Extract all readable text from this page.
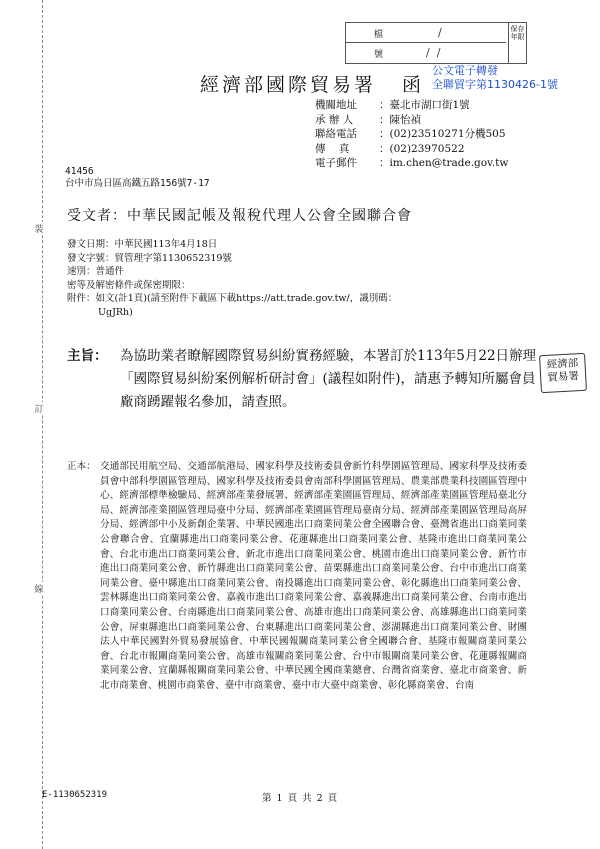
裝
訂
線
檔	/
號	/  /
保存年限
經濟部國際貿易署 函
公文電子轉發
全聯貿字第1130426-1號
機關地址 ：臺北市湖口街1號
承 辦 人 ：陳怡禎
聯絡電話 ：(02)23510271分機505
傳    真	：(02)23970522
電子郵件 ：im.chen@trade.gov.tw
41456
台中市烏日區高鐵五路156號7-17
受文者：中華民國記帳及報稅代理人公會全國聯合會
發文日期：中華民國113年4月18日
發文字號：貿管理字第1130652319號
速別：普通件
密等及解密條件或保密期限：
附件：如文(計1頁)(請至附件下載區下載https://att.trade.gov.tw/，識別碼：
UgJRh)
主旨： 為協助業者瞭解國際貿易糾紛實務經驗，本署訂於113年5月22日辦理「國際貿易糾紛案例解析研討會」(議程如附件)，請惠予轉知所屬會員廠商踴躍報名參加，請查照。
經濟部
貿易署
正本： 交通部民用航空局、交通部航港局、國家科學及技術委員會新竹科學園區管理局、國家科學及技術委員會中部科學園區管理局、國家科學及技術委員會南部科學園區管理局、農業部農業科技園區管理中心、經濟部標準檢驗局、經濟部產業發展署、經濟部產業園區管理局、經濟部產業園區管理局臺北分局、經濟部產業園區管理局臺中分局、經濟部產業園區管理局臺南分局、經濟部產業園區管理局高屏分局、經濟部中小及新創企業署、中華民國進出口商業同業公會全國聯合會、臺灣省進出口商業同業公會聯合會、宜蘭縣進出口商業同業公會、花蓮縣進出口商業同業公會、基隆市進出口商業同業公會、台北市進出口商業同業公會、新北市進出口商業同業公會、桃園市進出口商業同業公會、新竹市進出口商業同業公會、新竹縣進出口商業同業公會、苗栗縣進出口商業同業公會、台中市進出口商業同業公會、臺中縣進出口商業同業公會、南投縣進出口商業同業公會、彰化縣進出口商業同業公會、雲林縣進出口商業同業公會、嘉義市進出口商業同業公會、嘉義縣進出口商業同業公會、台南市進出口商業同業公會、台南縣進出口商業同業公會、高雄市進出口商業同業公會、高雄縣進出口商業同業公會、屏東縣進出口商業同業公會、台東縣進出口商業同業公會、澎湖縣進出口商業同業公會、財團法人中華民國對外貿易發展協會、中華民國報關商業同業公會全國聯合會、基隆市報關商業同業公會、台北市報關商業同業公會、高雄市報關商業同業公會、台中市報關商業同業公會、花蓮縣報關商業同業公會、宜蘭縣報關商業同業公會、中華民國全國商業總會、台灣省商業會、臺北市商業會、新北市商業會、桃園市商業會、臺中市商業會、臺中市大臺中商業會、彰化縣商業會、台南
E-1130652319	第 1 頁 共 2 頁
